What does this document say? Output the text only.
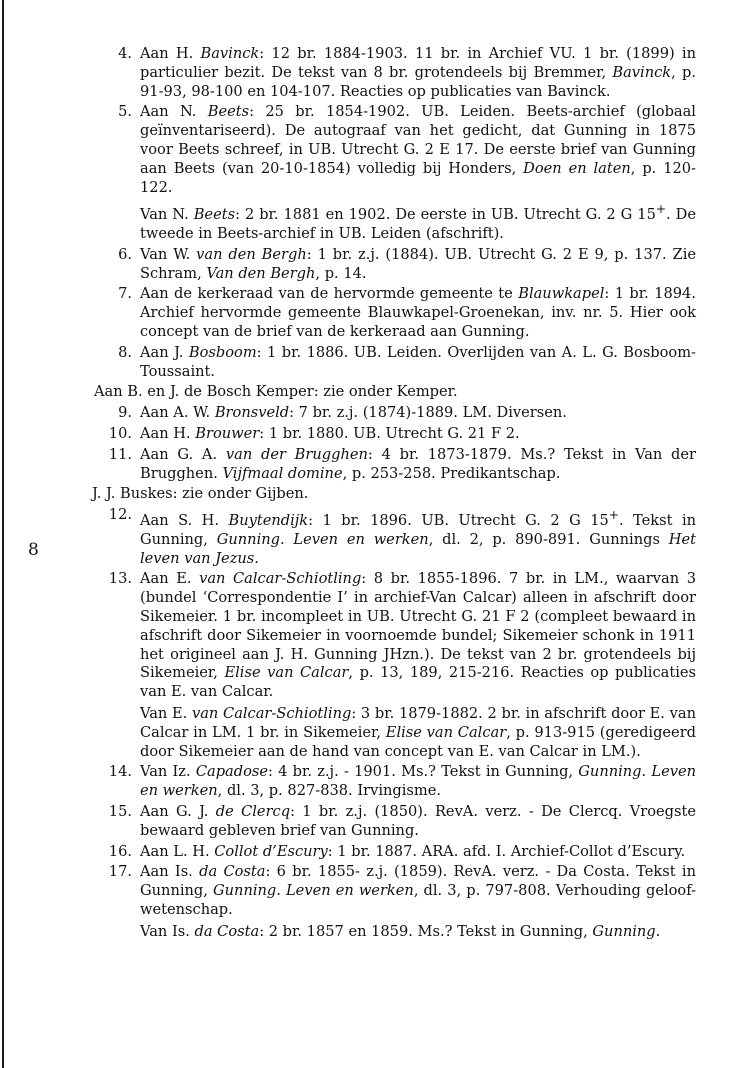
8
4. Aan H. Bavinck: 12 br. 1884-1903. 11 br. in Archief VU. 1 br. (1899) in particulier bezit. De tekst van 8 br. grotendeels bij Bremmer, Bavinck, p. 91-93, 98-100 en 104-107. Reacties op publicaties van Bavinck.
5. Aan N. Beets: 25 br. 1854-1902. UB. Leiden. Beets-archief (globaal geïnventariseerd). De autograaf van het gedicht, dat Gunning in 1875 voor Beets schreef, in UB. Utrecht G. 2 E 17. De eerste brief van Gunning aan Beets (van 20-10-1854) volledig bij Honders, Doen en laten, p. 120-122.
Van N. Beets: 2 br. 1881 en 1902. De eerste in UB. Utrecht G. 2 G 15+. De tweede in Beets-archief in UB. Leiden (afschrift).
6. Van W. van den Bergh: 1 br. z.j. (1884). UB. Utrecht G. 2 E 9, p. 137. Zie Schram, Van den Bergh, p. 14.
7. Aan de kerkeraad van de hervormde gemeente te Blauwkapel: 1 br. 1894. Archief hervormde gemeente Blauwkapel-Groenekan, inv. nr. 5. Hier ook concept van de brief van de kerkeraad aan Gunning.
8. Aan J. Bosboom: 1 br. 1886. UB. Leiden. Overlijden van A. L. G. Bosboom-Toussaint.
Aan B. en J. de Bosch Kemper: zie onder Kemper.
9. Aan A. W. Bronsveld: 7 br. z.j. (1874)-1889. LM. Diversen.
10. Aan H. Brouwer: 1 br. 1880. UB. Utrecht G. 21 F 2.
11. Aan G. A. van der Brugghen: 4 br. 1873-1879. Ms.? Tekst in Van der Brugghen. Vijfmaal domine, p. 253-258. Predikantschap.
J. J. Buskes: zie onder Gijben.
12. Aan S. H. Buytendijk: 1 br. 1896. UB. Utrecht G. 2 G 15+. Tekst in Gunning, Gunning. Leven en werken, dl. 2, p. 890-891. Gunnings Het leven van Jezus.
13. Aan E. van Calcar-Schiotling: 8 br. 1855-1896. 7 br. in LM., waarvan 3 (bundel ‘Correspondentie I’ in archief-Van Calcar) alleen in afschrift door Sikemeier. 1 br. incompleet in UB. Utrecht G. 21 F 2 (compleet bewaard in afschrift door Sikemeier in voornoemde bundel; Sikemeier schonk in 1911 het origineel aan J. H. Gunning JHzn.). De tekst van 2 br. grotendeels bij Sikemeier, Elise van Calcar, p. 13, 189, 215-216. Reacties op publicaties van E. van Calcar.
Van E. van Calcar-Schiotling: 3 br. 1879-1882. 2 br. in afschrift door E. van Calcar in LM. 1 br. in Sikemeier, Elise van Calcar, p. 913-915 (geredigeerd door Sikemeier aan de hand van concept van E. van Calcar in LM.).
14. Van Iz. Capadose: 4 br. z.j. - 1901. Ms.? Tekst in Gunning, Gunning. Leven en werken, dl. 3, p. 827-838. Irvingisme.
15. Aan G. J. de Clercq: 1 br. z.j. (1850). RevA. verz. - De Clercq. Vroegste bewaard gebleven brief van Gunning.
16. Aan L. H. Collot d’Escury: 1 br. 1887. ARA. afd. I. Archief-Collot d’Escury.
17. Aan Is. da Costa: 6 br. 1855- z.j. (1859). RevA. verz. - Da Costa. Tekst in Gunning, Gunning. Leven en werken, dl. 3, p. 797-808. Verhouding geloof-wetenschap.
Van Is. da Costa: 2 br. 1857 en 1859. Ms.? Tekst in Gunning, Gunning.
